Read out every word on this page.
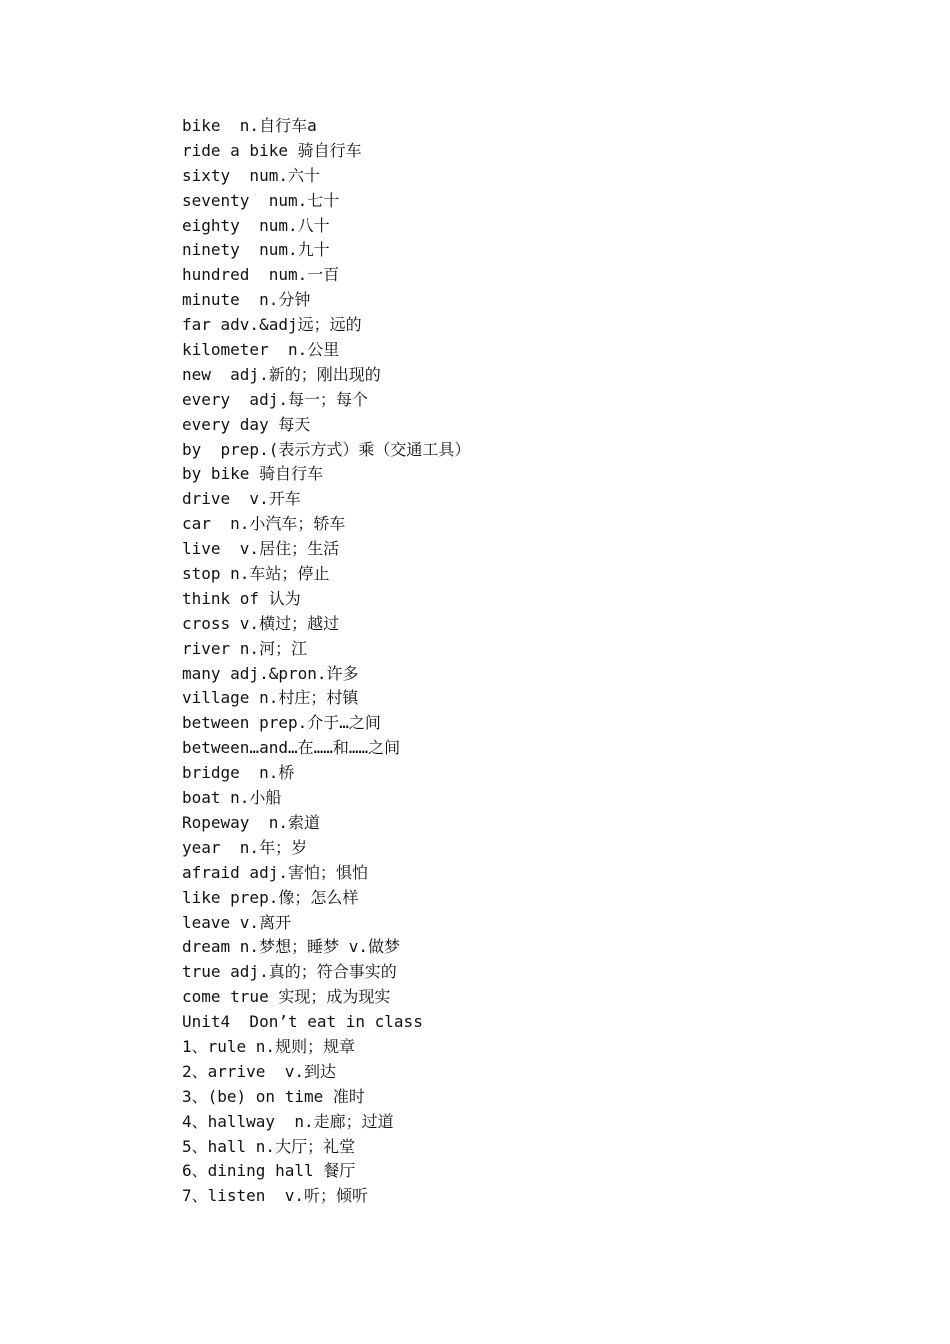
bike  n.自行车a
ride a bike 骑自行车
sixty  num.六十
seventy  num.七十
eighty  num.八十
ninety  num.九十
hundred  num.一百
minute  n.分钟
far adv.&adj远；远的
kilometer  n.公里
new  adj.新的；刚出现的
every  adj.每一；每个
every day 每天
by  prep.(表示方式）乘（交通工具）
by bike 骑自行车
drive  v.开车
car  n.小汽车；轿车
live  v.居住；生活
stop n.车站；停止
think of 认为
cross v.横过；越过
river n.河；江
many adj.&pron.许多
village n.村庄；村镇
between prep.介于…之间
between…and…在……和……之间
bridge  n.桥
boat n.小船
Ropeway  n.索道
year  n.年；岁
afraid adj.害怕；惧怕
like prep.像；怎么样
leave v.离开
dream n.梦想；睡梦 v.做梦
true adj.真的；符合事实的
come true 实现；成为现实
Unit4  Don’t eat in class
1、rule n.规则；规章
2、arrive  v.到达
3、(be) on time 准时
4、hallway  n.走廊；过道
5、hall n.大厅；礼堂
6、dining hall 餐厅
7、listen  v.听；倾听
